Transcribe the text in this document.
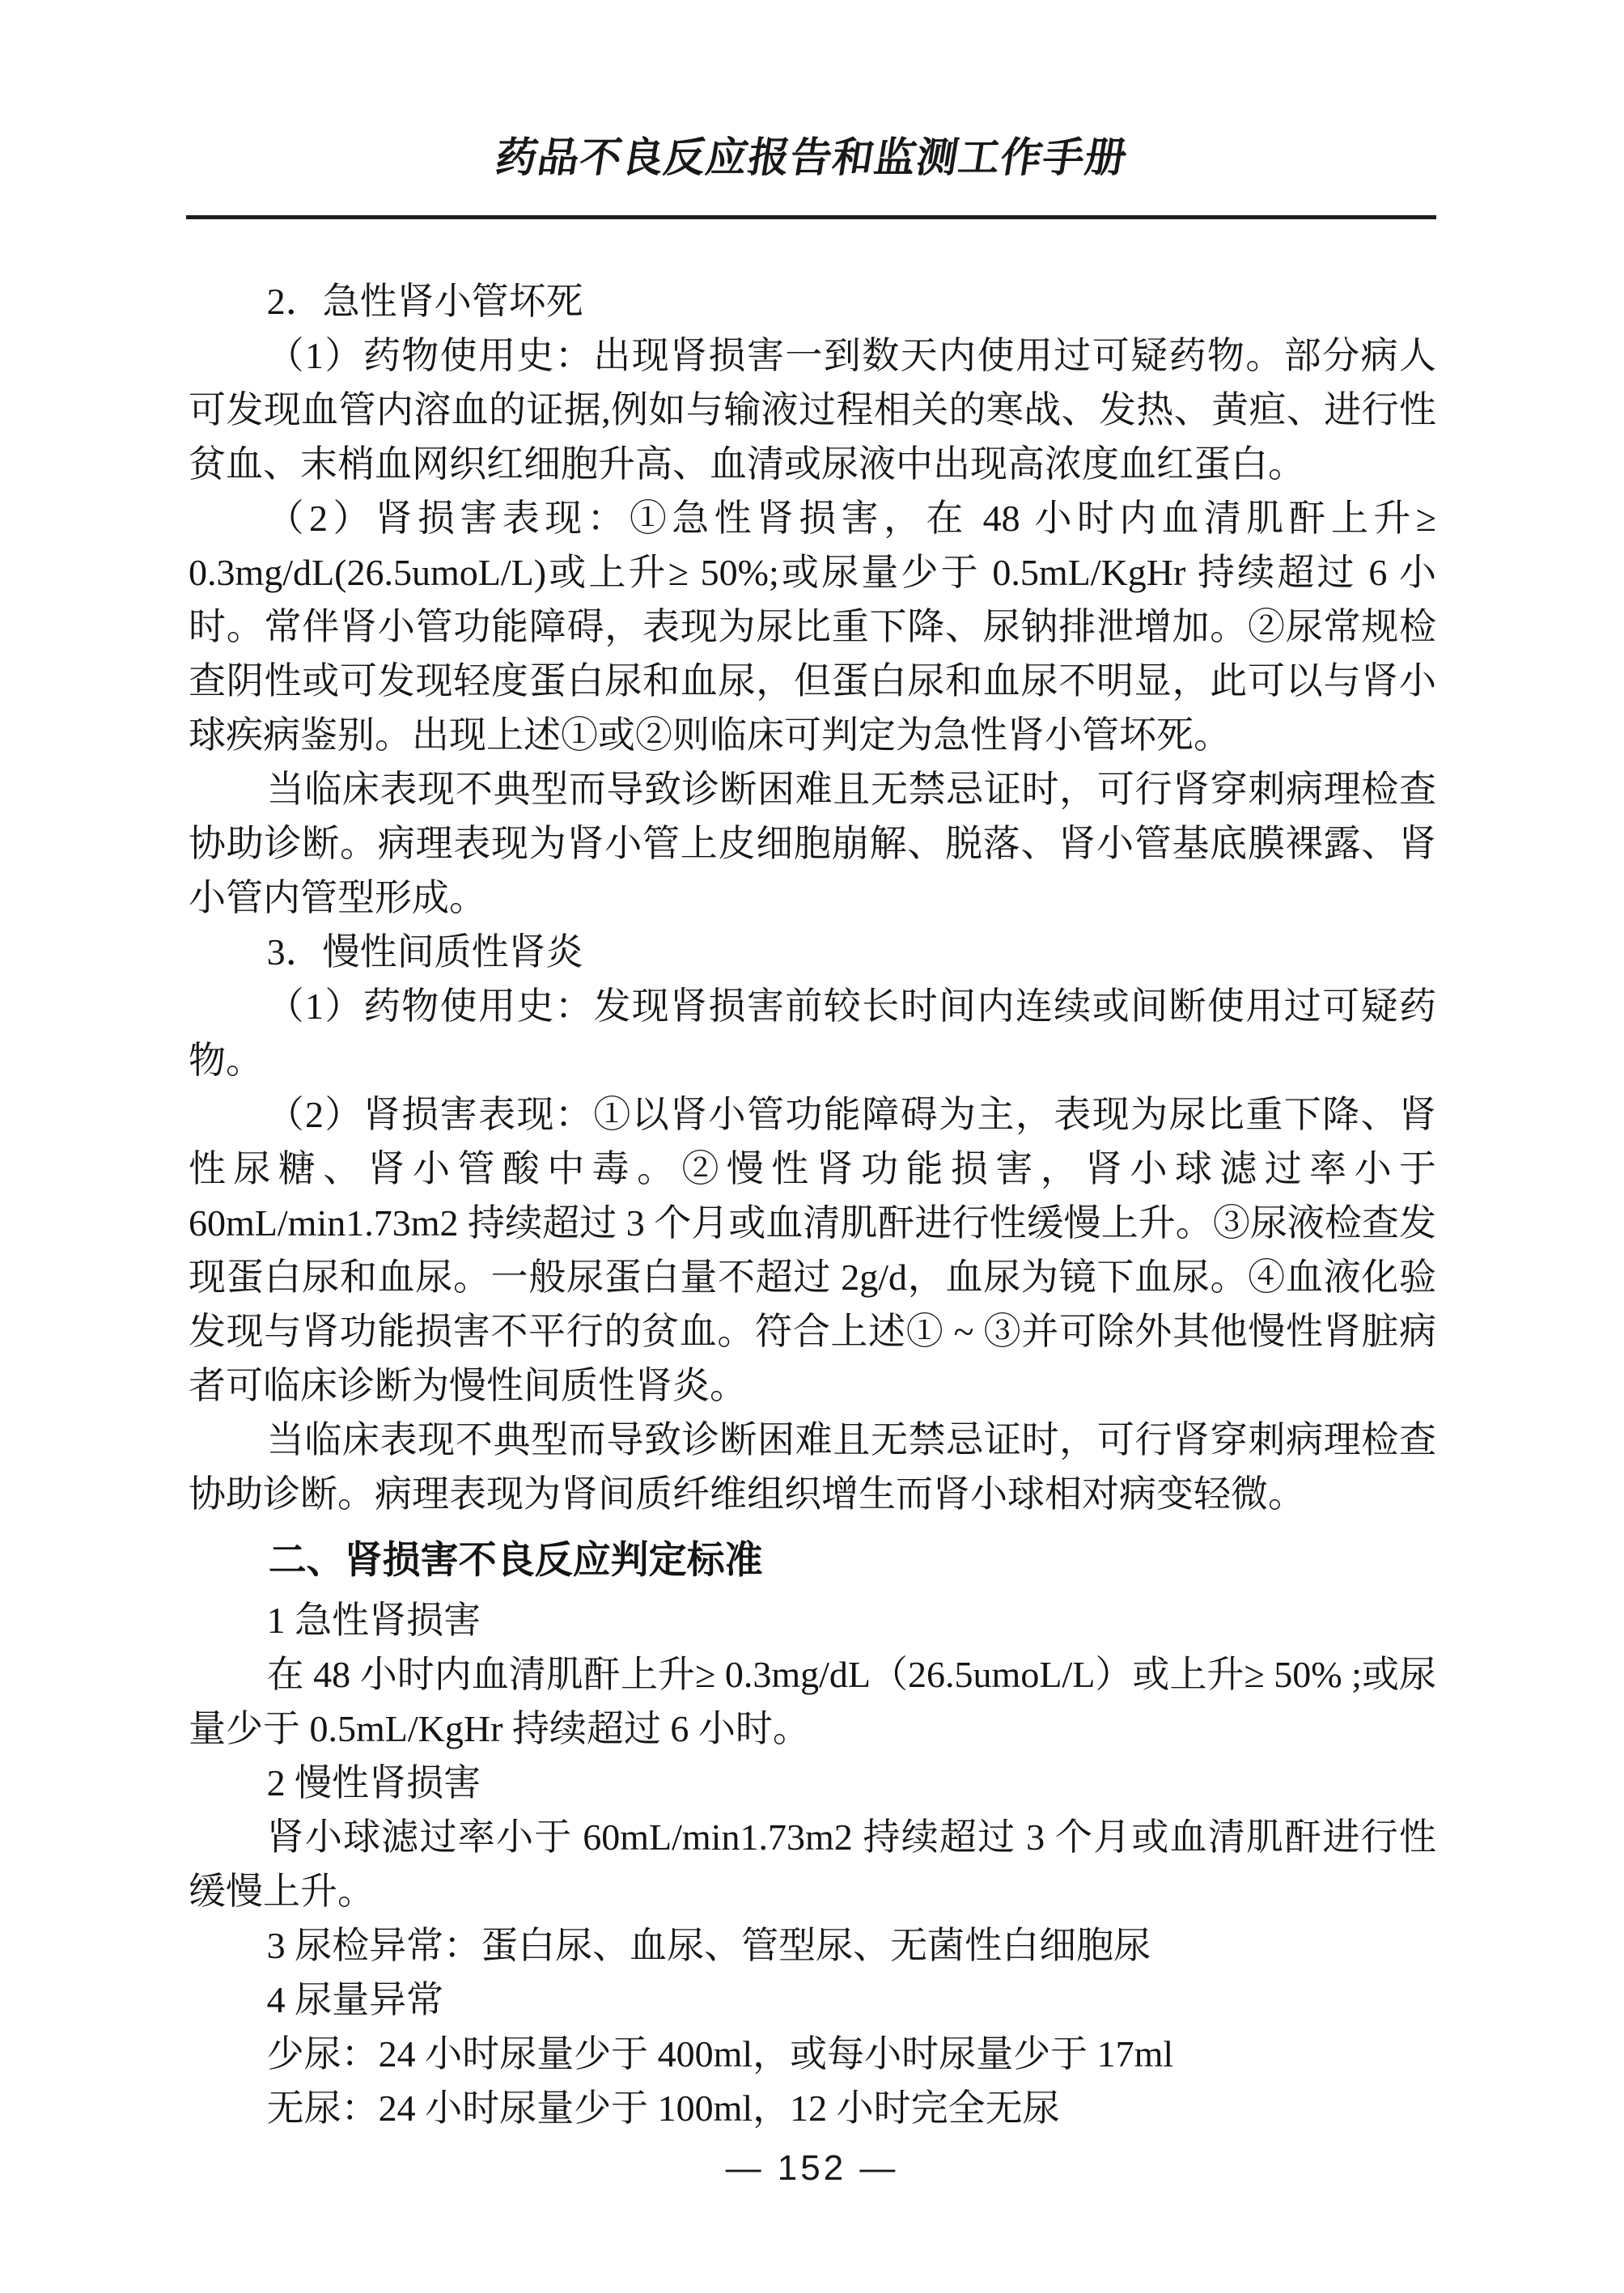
药品不良反应报告和监测工作手册

2．急性肾小管坏死

（1）药物使用史：出现肾损害一到数天内使用过可疑药物。部分病人可发现血管内溶血的证据,例如与输液过程相关的寒战、发热、黄疸、进行性贫血、末梢血网织红细胞升高、血清或尿液中出现高浓度血红蛋白。

（2）肾损害表现：①急性肾损害，在 48 小时内血清肌酐上升≥ 0.3mg/dL(26.5umoL/L)或上升≥ 50%;或尿量少于 0.5mL/KgHr 持续超过 6 小时。常伴肾小管功能障碍，表现为尿比重下降、尿钠排泄增加。②尿常规检查阴性或可发现轻度蛋白尿和血尿，但蛋白尿和血尿不明显，此可以与肾小球疾病鉴别。出现上述①或②则临床可判定为急性肾小管坏死。

当临床表现不典型而导致诊断困难且无禁忌证时，可行肾穿刺病理检查协助诊断。病理表现为肾小管上皮细胞崩解、脱落、肾小管基底膜裸露、肾小管内管型形成。

3．慢性间质性肾炎

（1）药物使用史：发现肾损害前较长时间内连续或间断使用过可疑药物。

（2）肾损害表现：①以肾小管功能障碍为主，表现为尿比重下降、肾性尿糖、肾小管酸中毒。②慢性肾功能损害，肾小球滤过率小于 60mL/min1.73m2 持续超过 3 个月或血清肌酐进行性缓慢上升。③尿液检查发现蛋白尿和血尿。一般尿蛋白量不超过 2g/d，血尿为镜下血尿。④血液化验发现与肾功能损害不平行的贫血。符合上述① ~ ③并可除外其他慢性肾脏病者可临床诊断为慢性间质性肾炎。

当临床表现不典型而导致诊断困难且无禁忌证时，可行肾穿刺病理检查协助诊断。病理表现为肾间质纤维组织增生而肾小球相对病变轻微。

二、肾损害不良反应判定标准

1 急性肾损害

在 48 小时内血清肌酐上升≥ 0.3mg/dL（26.5umoL/L）或上升≥ 50% ;或尿量少于 0.5mL/KgHr 持续超过 6 小时。

2 慢性肾损害

肾小球滤过率小于 60mL/min1.73m2 持续超过 3 个月或血清肌酐进行性缓慢上升。

3 尿检异常：蛋白尿、血尿、管型尿、无菌性白细胞尿

4 尿量异常

少尿：24 小时尿量少于 400ml，或每小时尿量少于 17ml

无尿：24 小时尿量少于 100ml，12 小时完全无尿

— 152 —
